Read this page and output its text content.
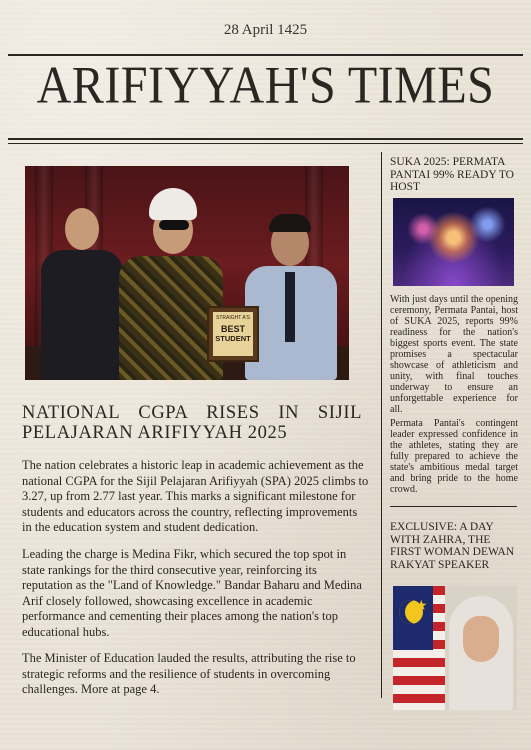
28 April 1425
ARIFIYYAH'S TIMES
STRAIGHT A'S
BEST
STUDENT
NATIONAL CGPA RISES IN SIJIL PELAJARAN ARIFIYYAH 2025
The nation celebrates a historic leap in academic achievement as the national CGPA for the Sijil Pelajaran Arifiyyah (SPA) 2025 climbs to 3.27, up from 2.77 last year. This marks a significant milestone for students and educators across the country, reflecting improvements in the education system and student dedication.
Leading the charge is Medina Fikr, which secured the top spot in state rankings for the third consecutive year, reinforcing its reputation as the "Land of Knowledge." Bandar Baharu and Medina Arif closely followed, showcasing excellence in academic performance and cementing their places among the nation's top educational hubs.
The Minister of Education lauded the results, attributing the rise to strategic reforms and the resilience of students in overcoming challenges. More at page 4.
SUKA 2025: PERMATA PANTAI 99% READY TO HOST
With just days until the opening ceremony, Permata Pantai, host of SUKA 2025, reports 99% readiness for the nation's biggest sports event. The state promises a spectacular showcase of athleticism and unity, with final touches underway to ensure an unforgettable experience for all.
Permata Pantai's contingent leader expressed confidence in the athletes, stating they are fully prepared to achieve the state's ambitious medal target and bring pride to the home crowd.
EXCLUSIVE: A DAY WITH ZAHRA, THE FIRST WOMAN DEWAN RAKYAT SPEAKER
★
